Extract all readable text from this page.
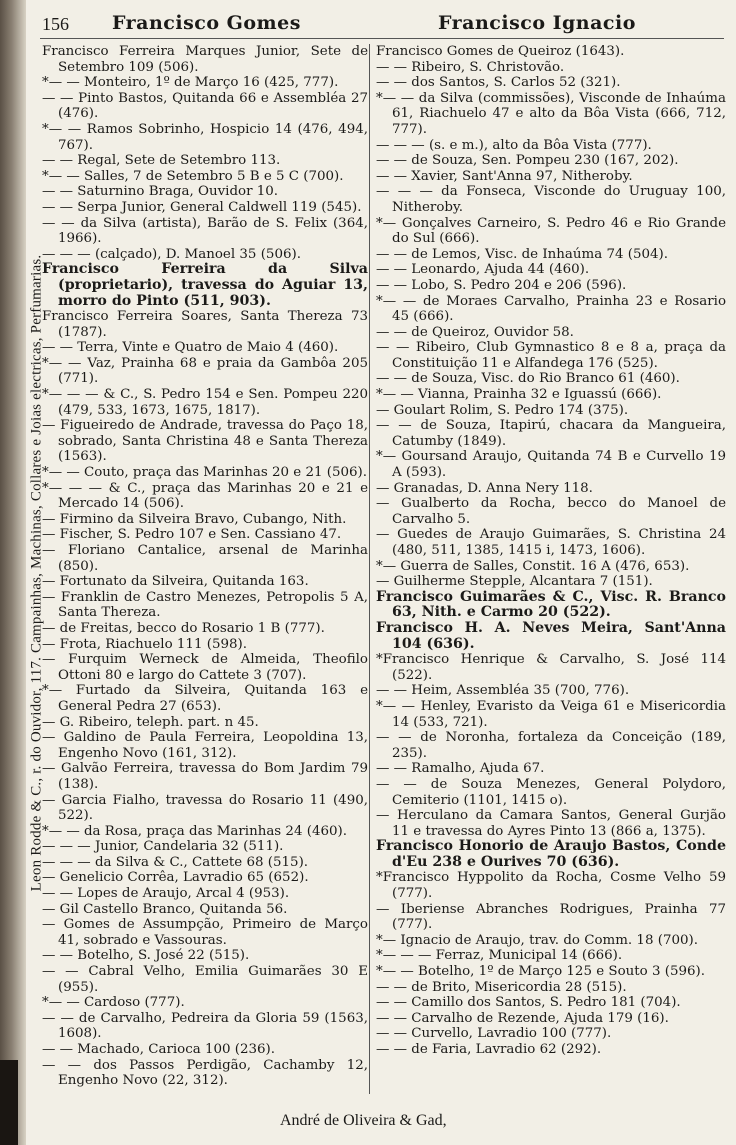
Leon Rodde & C., r. do Ouvidor, 117. Campainhas, Machinas, Collares e Joias electricas, Perfumarias.
156 Francisco Gomes	Francisco Ignacio
Francisco Ferreira Marques Junior, Sete de Setembro 109 (506).
*— — Monteiro, 1º de Março 16 (425, 777).
— — Pinto Bastos, Quitanda 66 e Assembléa 27 (476).
*— — Ramos Sobrinho, Hospicio 14 (476, 494, 767).
— — Regal, Sete de Setembro 113.
*— — Salles, 7 de Setembro 5 B e 5 C (700).
— — Saturnino Braga, Ouvidor 10.
— — Serpa Junior, General Caldwell 119 (545).
— — da Silva (artista), Barão de S. Felix (364, 1966).
— — — (calçado), D. Manoel 35 (506).
Francisco Ferreira da Silva (proprietario), travessa do Aguiar 13, morro do Pinto (511, 903).
Francisco Ferreira Soares, Santa Thereza 73 (1787).
— — Terra, Vinte e Quatro de Maio 4 (460).
*— — Vaz, Prainha 68 e praia da Gambôa 205 (771).
*— — — & C., S. Pedro 154 e Sen. Pompeu 220 (479, 533, 1673, 1675, 1817).
— Figueiredo de Andrade, travessa do Paço 18, sobrado, Santa Christina 48 e Santa Thereza (1563).
*— — Couto, praça das Marinhas 20 e 21 (506).
*— — — & C., praça das Marinhas 20 e 21 e Mercado 14 (506).
— Firmino da Silveira Bravo, Cubango, Nith.
— Fischer, S. Pedro 107 e Sen. Cassiano 47.
— Floriano Cantalice, arsenal de Marinha (850).
— Fortunato da Silveira, Quitanda 163.
— Franklin de Castro Menezes, Petropolis 5 A, Santa Thereza.
— de Freitas, becco do Rosario 1 B (777).
— Frota, Riachuelo 111 (598).
— Furquim Werneck de Almeida, Theofilo Ottoni 80 e largo do Cattete 3 (707).
*— Furtado da Silveira, Quitanda 163 e General Pedra 27 (653).
— G. Ribeiro, teleph. part. n 45.
— Galdino de Paula Ferreira, Leopoldina 13, Engenho Novo (161, 312).
— Galvão Ferreira, travessa do Bom Jardim 79 (138).
— Garcia Fialho, travessa do Rosario 11 (490, 522).
*— — da Rosa, praça das Marinhas 24 (460).
— — — Junior, Candelaria 32 (511).
— — — da Silva & C., Cattete 68 (515).
— Genelicio Corrêa, Lavradio 65 (652).
— — Lopes de Araujo, Arcal 4 (953).
— Gil Castello Branco, Quitanda 56.
— Gomes de Assumpção, Primeiro de Março 41, sobrado e Vassouras.
— — Botelho, S. José 22 (515).
— — Cabral Velho, Emilia Guimarães 30 E (955).
*— — Cardoso (777).
— — de Carvalho, Pedreira da Gloria 59 (1563, 1608).
— — Machado, Carioca 100 (236).
— — dos Passos Perdigão, Cachamby 12, Engenho Novo (22, 312).
Francisco Gomes de Queiroz (1643).
— — Ribeiro, S. Christovão.
— — dos Santos, S. Carlos 52 (321).
*— — da Silva (commissões), Visconde de Inhaúma 61, Riachuelo 47 e alto da Bôa Vista (666, 712, 777).
— — — (s. e m.), alto da Bôa Vista (777).
— — de Souza, Sen. Pompeu 230 (167, 202).
— — Xavier, Sant'Anna 97, Nitheroby.
— — — da Fonseca, Visconde do Uruguay 100, Nitheroby.
*— Gonçalves Carneiro, S. Pedro 46 e Rio Grande do Sul (666).
— — de Lemos, Visc. de Inhaúma 74 (504).
— — Leonardo, Ajuda 44 (460).
— — Lobo, S. Pedro 204 e 206 (596).
*— — de Moraes Carvalho, Prainha 23 e Rosario 45 (666).
— — de Queiroz, Ouvidor 58.
— — Ribeiro, Club Gymnastico 8 e 8 a, praça da Constituição 11 e Alfandega 176 (525).
— — de Souza, Visc. do Rio Branco 61 (460).
*— — Vianna, Prainha 32 e Iguassú (666).
— Goulart Rolim, S. Pedro 174 (375).
— — de Souza, Itapirú, chacara da Mangueira, Catumby (1849).
*— Goursand Araujo, Quitanda 74 B e Curvello 19 A (593).
— Granadas, D. Anna Nery 118.
— Gualberto da Rocha, becco do Manoel de Carvalho 5.
— Guedes de Araujo Guimarães, S. Christina 24 (480, 511, 1385, 1415 i, 1473, 1606).
*— Guerra de Salles, Constit. 16 A (476, 653).
— Guilherme Stepple, Alcantara 7 (151).
Francisco Guimarães & C., Visc. R. Branco 63, Nith. e Carmo 20 (522).
Francisco H. A. Neves Meira, Sant'Anna 104 (636).
*Francisco Henrique & Carvalho, S. José 114 (522).
— — Heim, Assembléa 35 (700, 776).
*— — Henley, Evaristo da Veiga 61 e Misericordia 14 (533, 721).
— — de Noronha, fortaleza da Conceição (189, 235).
— — Ramalho, Ajuda 67.
— — de Souza Menezes, General Polydoro, Cemiterio (1101, 1415 o).
— Herculano da Camara Santos, General Gurjão 11 e travessa do Ayres Pinto 13 (866 a, 1375).
Francisco Honorio de Araujo Bastos, Conde d'Eu 238 e Ourives 70 (636).
*Francisco Hyppolito da Rocha, Cosme Velho 59 (777).
— Iberiense Abranches Rodrigues, Prainha 77 (777).
*— Ignacio de Araujo, trav. do Comm. 18 (700).
*— — — Ferraz, Municipal 14 (666).
*— — Botelho, 1º de Março 125 e Souto 3 (596).
— — de Brito, Misericordia 28 (515).
— — Camillo dos Santos, S. Pedro 181 (704).
— — Carvalho de Rezende, Ajuda 179 (16).
— — Curvello, Lavradio 100 (777).
— — de Faria, Lavradio 62 (292).
André de Oliveira & Gad,
